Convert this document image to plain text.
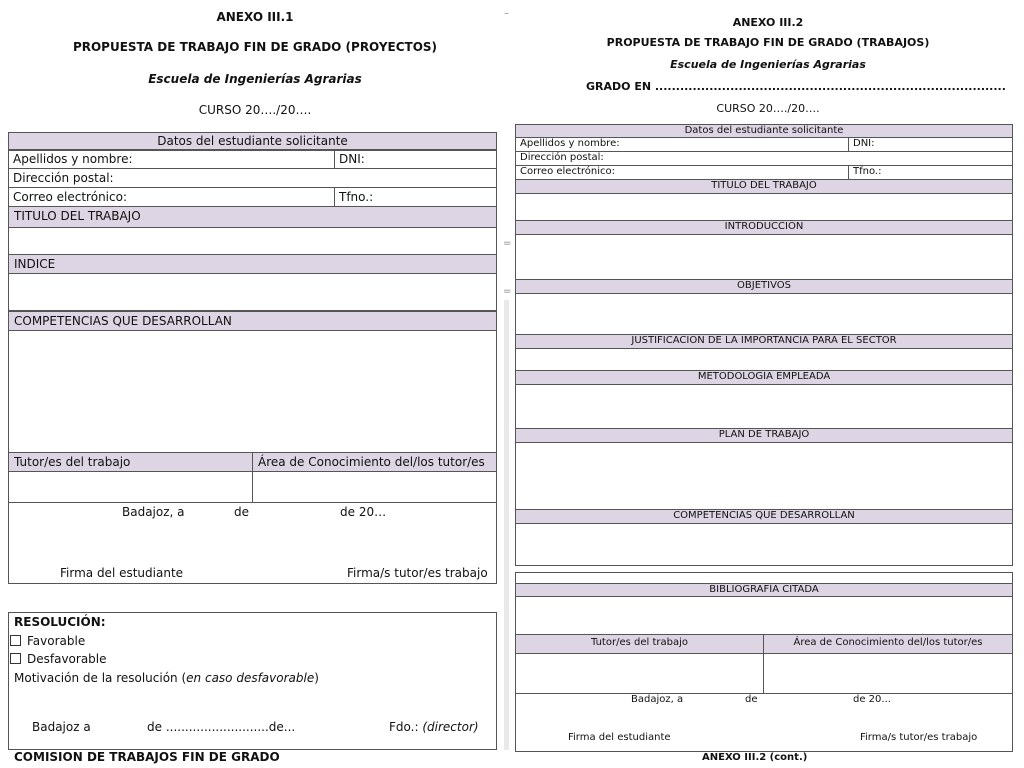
ANEXO III.1
PROPUESTA DE TRABAJO FIN DE GRADO (PROYECTOS)
Escuela de Ingenierías Agrarias
CURSO 20…./20….
Datos del estudiante solicitante
Apellidos y nombre:	DNI:
Dirección postal:
Correo electrónico:	Tfno.:
TITULO DEL TRABAJO
INDICE
COMPETENCIAS QUE DESARROLLAN
Tutor/es del trabajo	Área de Conocimiento del/los tutor/es
Badajoz, a	de	de 20…
Firma del estudiante	Firma/s tutor/es trabajo
RESOLUCIÓN:
Favorable
Desfavorable
Motivación de la resolución (en caso desfavorable)
Badajoz a	de ...........................de...	Fdo.: (director)
COMISION DE TRABAJOS FIN DE GRADO
–
=
=
ANEXO III.2
PROPUESTA DE TRABAJO FIN DE GRADO (TRABAJOS)
Escuela de Ingenierías Agrarias
GRADO EN ....................................................................................
CURSO 20…./20….
Datos del estudiante solicitante
Apellidos y nombre:	DNI:
Dirección postal:
Correo electrónico:	Tfno.:
TITULO DEL TRABAJO
INTRODUCCION
OBJETIVOS
JUSTIFICACIÓN DE LA IMPORTANCIA PARA EL SECTOR
METODOLOGÍA EMPLEADA
PLAN DE TRABAJO
COMPETENCIAS QUE DESARROLLAN
BIBLIOGRAFÍA CITADA
Tutor/es del trabajo	Área de Conocimiento del/los tutor/es
Badajoz, a	de	de 20...
Firma del estudiante	Firma/s tutor/es trabajo
ANEXO III.2 (cont.)
